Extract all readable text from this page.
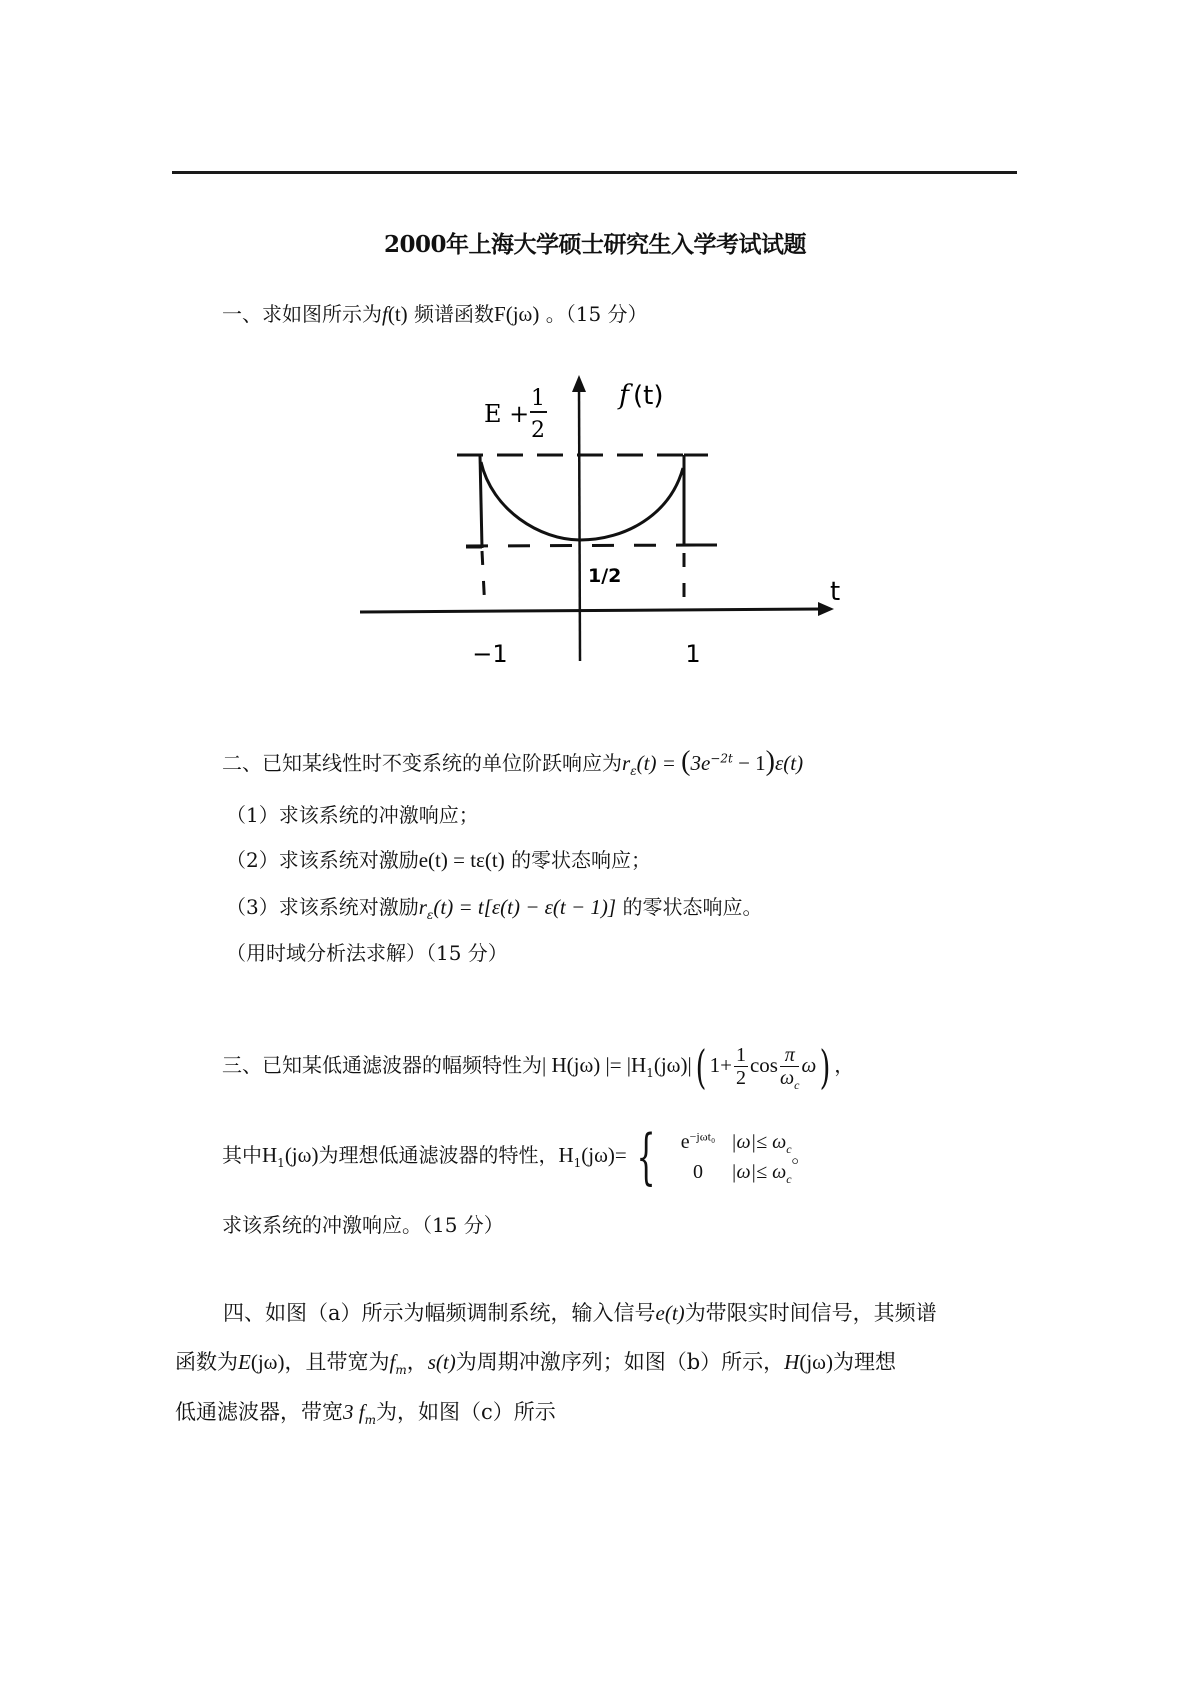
2000年上海大学硕士研究生入学考试试题
一、求如图所示为f(t) 频谱函数F(jω) 。（15 分）
E +
1
2
f (t)
1/2
t
−1	1
二、已知某线性时不变系统的单位阶跃响应为$r_\varepsilon(t) = (3e^{-2t} - 1)\varepsilon(t)$
（1）求该系统的冲激响应；
（2）求该系统对激励e(t) = tε(t) 的零状态响应；
（3）求该系统对激励$r_\varepsilon(t) = t[\varepsilon(t) - \varepsilon(t - 1)]$ 的零状态响应。
（用时域分析法求解）（15 分）
三、已知某低通滤波器的幅频特性为| H(jω) |= $|H_1(j\omega)|$( $1+ \frac{1}{2}$ $\cos \frac{\pi}{\omega_c} \omega$) ，
其中$H_1(j\omega)$为理想低通滤波器的特性，$H_1(j\omega)=$ {	$e^{-j\omega t_0}$ $|\omega|\le \omega_c$
0 $|\omega|\le \omega_c$
。
求该系统的冲激响应。（15 分）
四、如图（a）所示为幅频调制系统，输入信号e(t)为带限实时间信号，其频谱
函数为E(jω)，且带宽为$f_m$，s(t)为周期冲激序列；如图（b）所示，H(jω)为理想
低通滤波器，带宽3 $f_m$为，如图（c）所示
